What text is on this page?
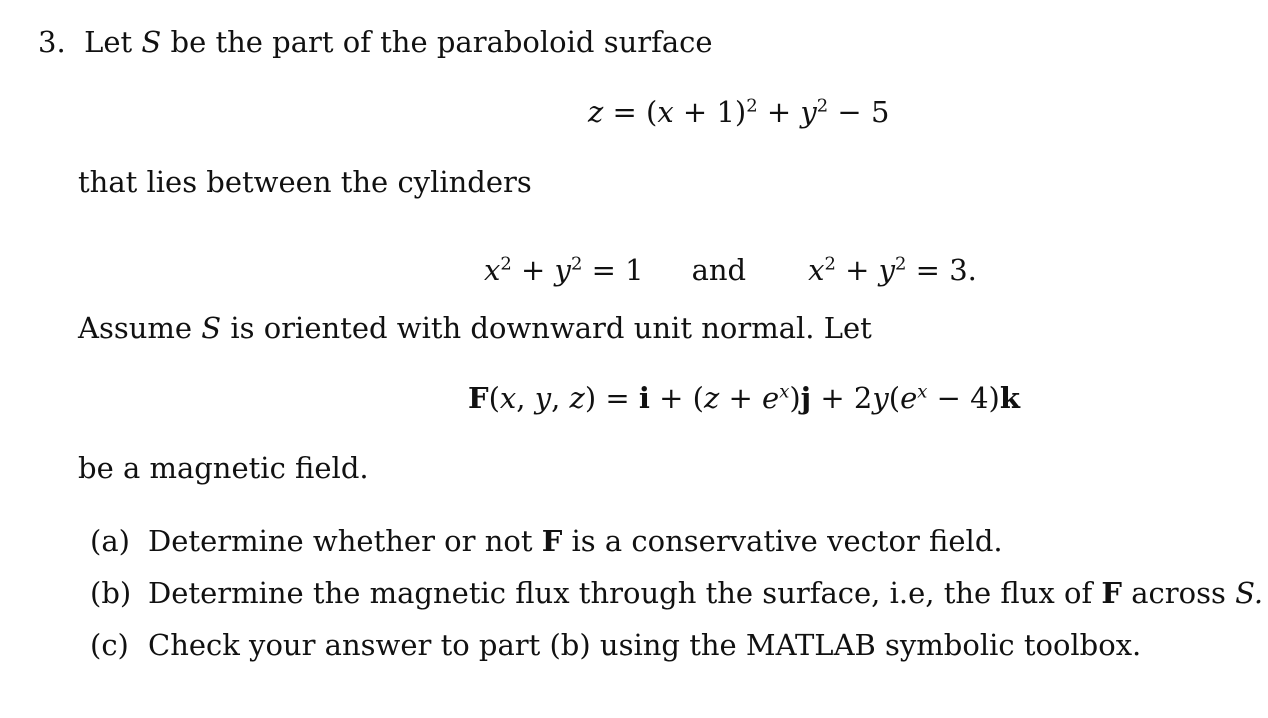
3. Let S be the part of the paraboloid surface
$z = (x + 1)^2 + y^2 - 5$
that lies between the cylinders
$x^2 + y^2 = 1$ and $x^2 + y^2 = 3$.
Assume S is oriented with downward unit normal. Let
F(x, y, $z) = i + (z + e^x)j + 2y(e^x - 4)k$
be a magnetic field.
(a) Determine whether or not F is a conservative vector field.
(b) Determine the magnetic flux through the surface, i.e, the flux of F across S.
(c) Check your answer to part (b) using the MATLAB symbolic toolbox.
